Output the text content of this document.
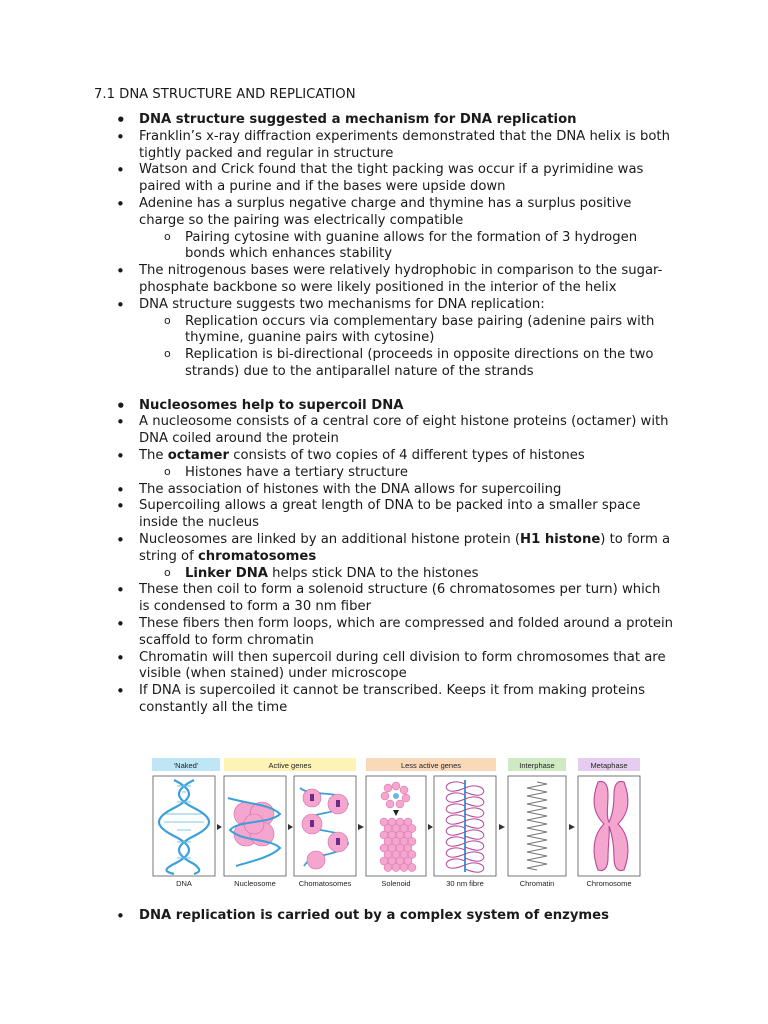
7.1 DNA STRUCTURE AND REPLICATION
• DNA structure suggested a mechanism for DNA replication
• Franklin’s x-ray diffraction experiments demonstrated that the DNA helix is both tightly packed and regular in structure
• Watson and Crick found that the tight packing was occur if a pyrimidine was paired with a purine and if the bases were upside down
• Adenine has a surplus negative charge and thymine has a surplus positive charge so the pairing was electrically compatible
o Pairing cytosine with guanine allows for the formation of 3 hydrogen bonds which enhances stability
• The nitrogenous bases were relatively hydrophobic in comparison to the sugar-phosphate backbone so were likely positioned in the interior of the helix
• DNA structure suggests two mechanisms for DNA replication:
o Replication occurs via complementary base pairing (adenine pairs with thymine, guanine pairs with cytosine)
o Replication is bi-directional (proceeds in opposite directions on the two strands) due to the antiparallel nature of the strands
• Nucleosomes help to supercoil DNA
• A nucleosome consists of a central core of eight histone proteins (octamer) with DNA coiled around the protein
• The octamer consists of two copies of 4 different types of histones
o Histones have a tertiary structure
• The association of histones with the DNA allows for supercoiling
• Supercoiling allows a great length of DNA to be packed into a smaller space inside the nucleus
• Nucleosomes are linked by an additional histone protein (H1 histone) to form a string of chromatosomes
o Linker DNA helps stick DNA to the histones
• These then coil to form a solenoid structure (6 chromatosomes per turn) which is condensed to form a 30 nm fiber
• These fibers then form loops, which are compressed and folded around a protein scaffold to form chromatin
• Chromatin will then supercoil during cell division to form chromosomes that are visible (when stained) under microscope
• If DNA is supercoiled it cannot be transcribed. Keeps it from making proteins constantly all the time
‘Naked’	Active genes	Less active genes	Interphase	Metaphase
DNA	Nucleosome	Chomatosomes	Solenoid	30 nm fibre	Chromatin	Chromosome
• DNA replication is carried out by a complex system of enzymes
